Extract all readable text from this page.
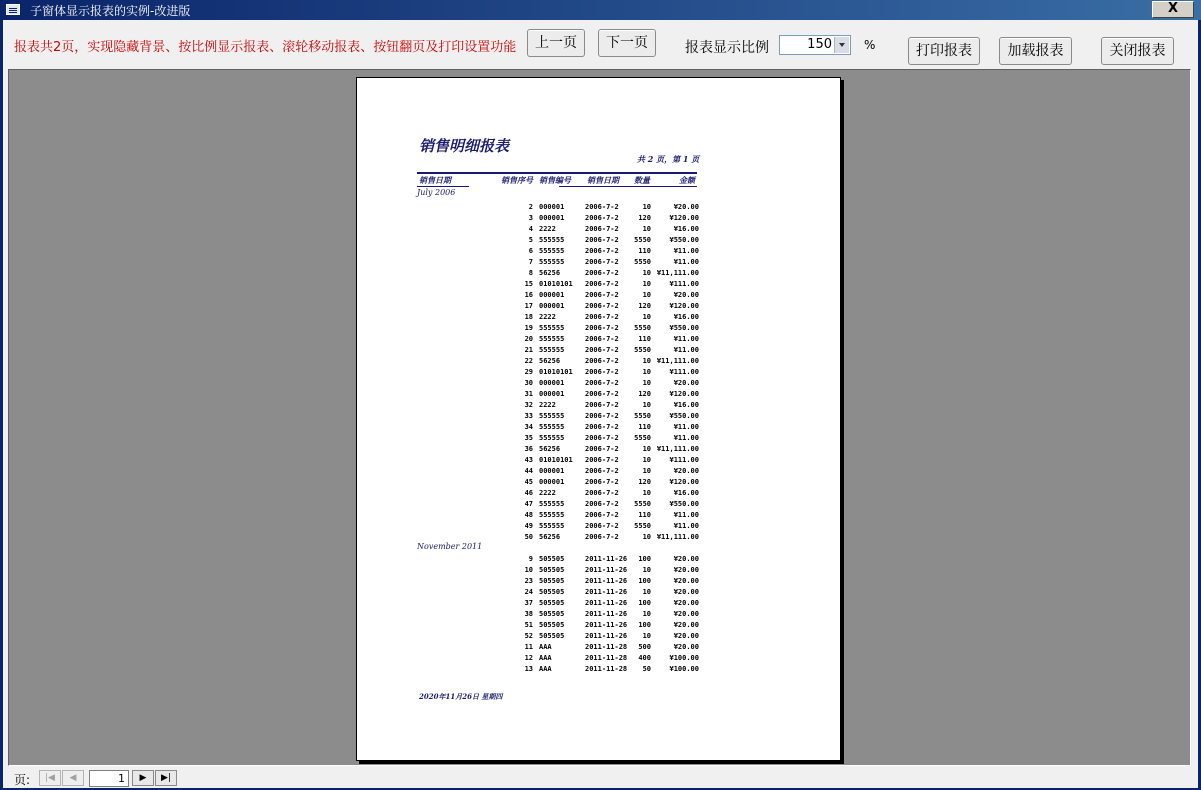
子窗体显示报表的实例-改进版	X
报表共2页，实现隐藏背景、按比例显示报表、滚轮移动报表、按钮翻页及打印设置功能	上一页	下一页	报表显示比例	150	%	打印报表	加载报表	关闭报表
销售明细报表
共 2 页，第 1 页
销售日期	销售序号 销售编号 销售日期 数量	金额
July 2006
2 000001	2006-7-2	10	¥20.00
3 000001	2006-7-2	120	¥120.00
4 2222	2006-7-2	10	¥16.00
5 555555	2006-7-2	5550	¥550.00
6 555555	2006-7-2	110	¥11.00
7 555555	2006-7-2	5550	¥11.00
8 56256	2006-7-2	10 ¥11,111.00
15 01010101 2006-7-2	10	¥111.00
16 000001	2006-7-2	10	¥20.00
17 000001	2006-7-2	120	¥120.00
18 2222	2006-7-2	10	¥16.00
19 555555	2006-7-2	5550	¥550.00
20 555555	2006-7-2	110	¥11.00
21 555555	2006-7-2	5550	¥11.00
22 56256	2006-7-2	10 ¥11,111.00
29 01010101 2006-7-2	10	¥111.00
30 000001	2006-7-2	10	¥20.00
31 000001	2006-7-2	120	¥120.00
32 2222	2006-7-2	10	¥16.00
33 555555	2006-7-2	5550	¥550.00
34 555555	2006-7-2	110	¥11.00
35 555555	2006-7-2	5550	¥11.00
36 56256	2006-7-2	10 ¥11,111.00
43 01010101 2006-7-2	10	¥111.00
44 000001	2006-7-2	10	¥20.00
45 000001	2006-7-2	120	¥120.00
46 2222	2006-7-2	10	¥16.00
47 555555	2006-7-2	5550	¥550.00
48 555555	2006-7-2	110	¥11.00
49 555555	2006-7-2	5550	¥11.00
50 56256	2006-7-2	10 ¥11,111.00
November 2011
9 505505	2011-11-26	100	¥20.00
10 505505	2011-11-26	10	¥20.00
23 505505	2011-11-26	100	¥20.00
24 505505	2011-11-26	10	¥20.00
37 505505	2011-11-26	100	¥20.00
38 505505	2011-11-26	10	¥20.00
51 505505	2011-11-26	100	¥20.00
52 505505	2011-11-26	10	¥20.00
11 AAA	2011-11-28	500	¥20.00
12 AAA	2011-11-28	400	¥100.00
13 AAA	2011-11-28	50	¥100.00
2020年11月26日 星期四
页:	|◀	◀	1	▶	▶|
